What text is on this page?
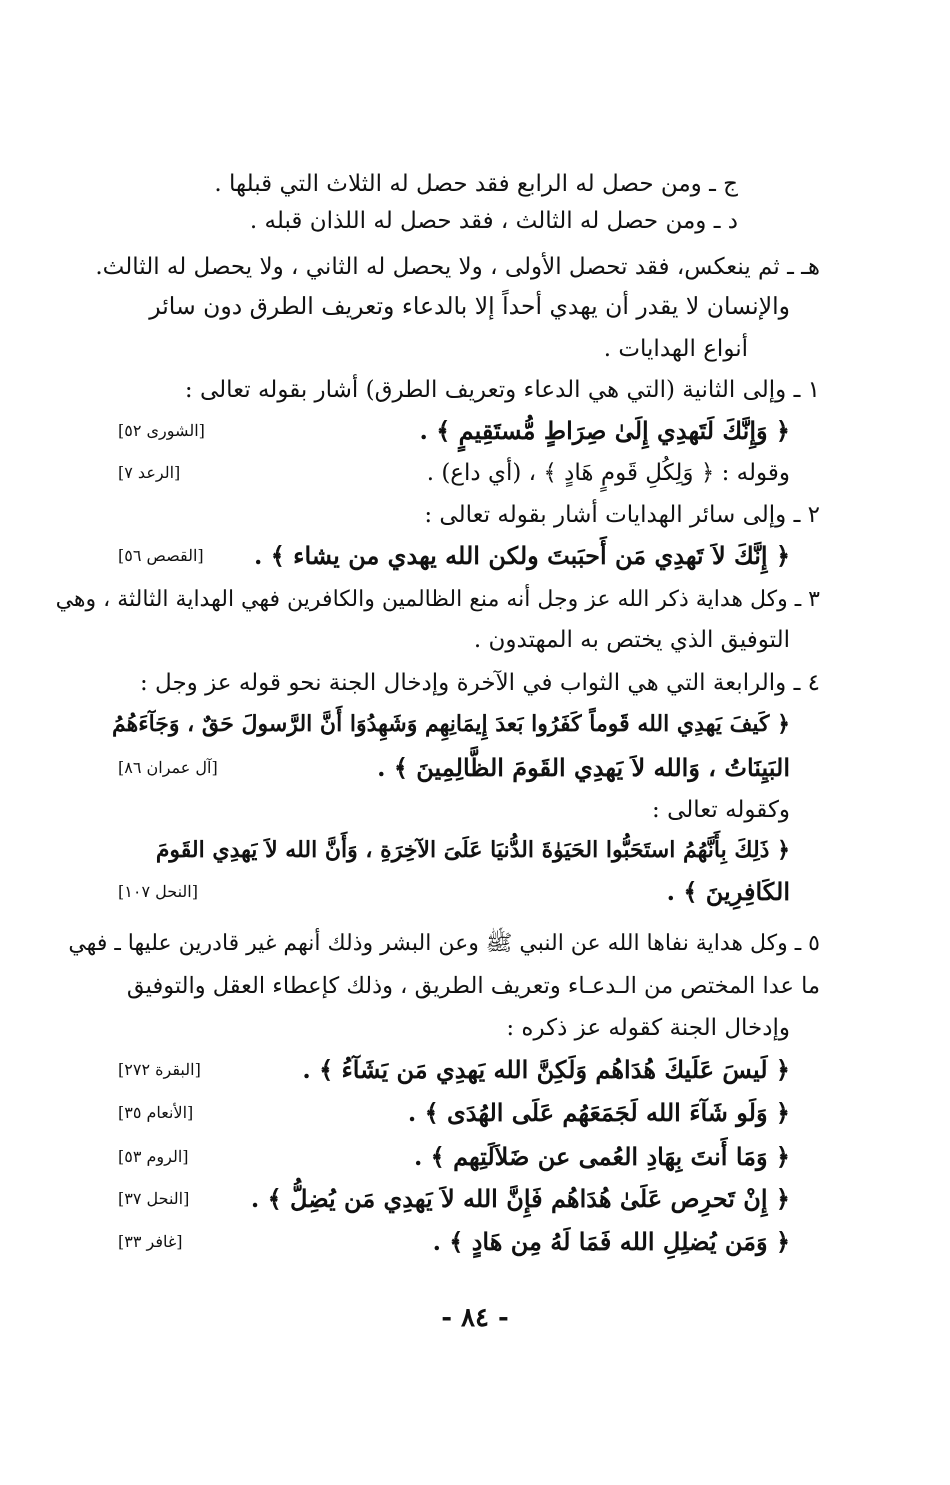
ج ـ ومن حصل له الرابع فقد حصل له الثلاث التي قبلها .
د ـ ومن حصل له الثالث ، فقد حصل له اللذان قبله .
هـ ـ ثم ينعكس، فقد تحصل الأولى ، ولا يحصل له الثاني ، ولا يحصل له الثالث.
والإنسان لا يقدر أن يهدي أحداً إلا بالدعاء وتعريف الطرق دون سائر
أنواع الهدايات .
١ ـ وإلى الثانية (التي هي الدعاء وتعريف الطرق) أشار بقوله تعالى :
﴿ وَإِنَّكَ لَتَهدِي إِلَىٰ صِرَاطٍ مُّستَقِيمٍ ﴾ .
[الشورى ٥٢]
وقوله : ﴿ وَلِكُلِ قَومٍ هَادٍ ﴾ ، (أي داع) .
[الرعد ٧]
٢ ـ وإلى سائر الهدايات أشار بقوله تعالى :
﴿ إِنَّكَ لاَ تَهدِي مَن أَحبَبتَ ولكن الله يهدي من يشاء ﴾ .
[القصص ٥٦]
٣ ـ وكل هداية ذكر الله عز وجل أنه منع الظالمين والكافرين فهي الهداية الثالثة ، وهي
التوفيق الذي يختص به المهتدون .
٤ ـ والرابعة التي هي الثواب في الآخرة وإدخال الجنة نحو قوله عز وجل :
﴿ كَيفَ يَهدِي الله قَوماً كَفَرُوا بَعدَ إِيمَانِهِم وَشَهِدُوَا أَنَّ الرَّسولَ حَقٌ ، وَجَآءَهُمُ
البَيِنَاتُ ، وَالله لاَ يَهدِي القَومَ الظَّالِمِينَ ﴾ .
[آل عمران ٨٦]
وكقوله تعالى :
﴿ ذَلِكَ بِأَنَّهُمُ استَحَبُّوا الحَيَوٰةَ الدُّنيَا عَلَىَ الآخِرَةِ ، وَأَنَّ الله لاَ يَهدِي القَومَ
الكَافِرِينَ ﴾ .
[النحل ١٠٧]
٥ ـ وكل هداية نفاها الله عن النبي ﷺ وعن البشر وذلك أنهم غير قادرين عليها ـ فهي
ما عدا المختص من الـدعـاء وتعريف الطريق ، وذلك كإعطاء العقل والتوفيق
وإدخال الجنة كقوله عز ذكره :
﴿ لَيسَ عَلَيكَ هُدَاهُم وَلَكِنَّ الله يَهدِي مَن يَشَآءُ ﴾ .
[البقرة ٢٧٢]
﴿ وَلَو شَآءَ الله لَجَمَعَهُم عَلَى الهُدَى ﴾ .
[الأنعام ٣٥]
﴿ وَمَا أَنتَ بِهَادِ العُمى عن ضَلاَلَتِهم ﴾ .
[الروم ٥٣]
﴿ إِنْ تَحرِص عَلَىٰ هُدَاهُم فَإِنَّ الله لاَ يَهدِي مَن يُضِلُّ ﴾ .
[النحل ٣٧]
﴿ وَمَن يُضلِلِ الله فَمَا لَهُ مِن هَادٍ ﴾ .
[غافر ٣٣]
- ٨٤ -
